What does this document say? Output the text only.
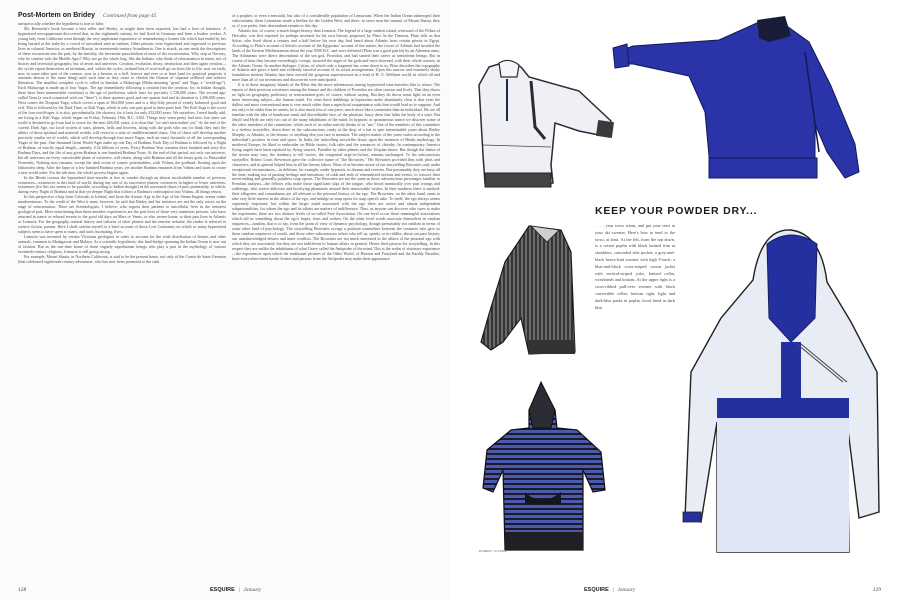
Post-Mortem on Bridey Continued from page 45

unequivocally whether the hypothesis is true or false.

Mr. Bernstein's book became a best seller and Bridey, as might have been expected, has had a host of imitators. A hypnotized newspaperman discovered that, in the eighteenth century, he had lived in Germany and been a leather worker. A young lady from California went through the very unpleasant experience of remembering a former life which had ended by her being burned at the stake by a crowd of unwashed men in turbans. Other persons were hypnotized and regressed to previous lives in colonial America, in medieval Russia, in seventeenth-century Scandinavia. One is struck, as one reads the descriptions of these excursions into the past, by the timidity, the inveterate parochialism of most of the excursionists. Why stop at Norway, why be content with the Middle Ages? Why not go the whole hog, like the Indians, who think of reincarnation in terms, not of history and terrestrial geography, but of aeons and universes. Creation, evolution, decay, destruction and then again creation—the cycles repeat themselves ad infinitum, and, within the cycles, isolated bits of soul-stuff go on from life to life, now on earth, now in some other part of the cosmos, now in a heaven or a hell, forever and ever or at least (and for practical purposes it amounts almost to the same thing) until such time as they cease to cherish the illusion of separate selfhood and achieve liberation. The smallest complete cycle is called in Sanskrit a Mahayuga (Maha meaning "great" and Yuga, a "world-age"). Each Mahayuga is made up of four Yugas. The age immediately following a creation (not the creation, for, in Indian thought, there have been innumerable creations) is the age of perfection, which lasts for precisely 1,728,000 years. The second age, called Treta (a word connected with our "three"), is three quarters good and one quarter bad and its duration is 1,296,000 years. Next comes the Dvapara Yuga, which covers a span of 864,000 years and is a fifty-fifty period of evenly balanced good and evil. This is followed by the Dark Time, or Kali Yuga, which is only one part good to three parts bad. The Kali Yuga is the worst of the four world-ages; it is also, providentially, the shortest, for it lasts for only 432,000 years. We ourselves, I need hardly add, are living in a Kali Yuga, which began on Friday, February 18th, B.C. 3102. Things may seem pretty bad now; but since our world is destined to go from bad to worse for the next 426,941 years, it is clear that "we ain't seen nothin' yet." At the end of the current Dark Age, our local system of stars, planets, hells and heavens, along with the gods who run (or think they run) the affairs of those spiritual and material worlds, will revert to a state of undifferentiated chaos. Out of chaos will develop another precisely similar set of worlds, which will develop through four more Yugas, each an exact facsimile of all the corresponding Yugas of the past. One thousand Great World-Ages make up one Day of Brahma. Each Day of Brahma is followed by a Night of Brahma, of exactly equal length—namely, 4.32 billions of years. Every Brahma Year contains three hundred and sixty-five Brahma Days, and the life of any given Brahma is one hundred Brahma Years. At the end of that period, not only our universe, but all universes on every conceivable plane of existence, will return, along with Brahma and all the lesser gods, to Primordial Nonentity. Nothing now remains, except the dark ocean of cosmic potentialities, with Vishnu, the godhead, floating upon the fathomless deep. After the lapse of a few hundred Brahma years, yet another Brahma emanates from Vishnu and starts to create a new world order. For the nth time, the whole process begins again.

In the Hindu cosmos the hypnotized time-traveler is free to wander through an almost incalculable number of previous existences—existences in this kind of world, during any one of its successive phases, existences in higher or lower universes, existences (for this too seems to be possible, according to Indian thought) in the uncreated chaos of pure potentiality, to which, during every Night of Brahma and in that yet deeper Night that follows a Brahma's reabsorption into Vishnu, all things return.

In this perspective a hop from Colorado to Ireland, and from the Atomic Age to the Age of the Steam Engine, seems rather unadventurous. To the credit of the West it must, however, be said that Bridey and her imitators are not the only actors on the stage of reincarnation. There are Scientologists, I believe, who regress their patients to unicellular lives in the remotest geological past. More entertaining than these amoebic experiences are the past lives of those very numerous persons, who have returned in trance or relaxed reverie to the good old days on Mars or Venus, or else, nearer home, to their past lives in Atlantis or Lemuria. For the geography, natural history and cultures of other planets and the remoter nebulae, the reader is referred to science fiction, passim. Here I shall confine myself to a brief account of those Lost Continents on which so many hypnotized subjects seem to have spent so many, and such fascinating, lives.

Lemuria was invented by certain Victorian geologists in order to account for the wide distribution of lemurs and other animals, common to Madagascar and Malaya. As a scientific hypothesis, this land-bridge spanning the Indian Ocean is now out of fashion. But as the one-time home of those vaguely superhuman beings who play a part in the mythology of various twentieth-century religions, Lemuria is still going strong.

For example, Mount Shasta, in Northern California, is said to be the present home, not only of the Comte de Saint-Germain (that celebrated eighteenth-century adventurer, who has now been promoted to the rank

of a prophet, or even a messiah), but also of a considerable population of Lemurians. When the Indian Ocean submerged their subcontinent, these Lemurians made a beeline for the Golden West, and there, in caves near the summit of Mount Shasta, they or, if you prefer, their descendants remain to this day.

Atlantis has, of course, a much longer history than Lemuria. The legend of a large sunken island, westward of the Pillars of Hercules, was first reported (or perhaps invented for his own literary purposes) by Plato. In the Timaeus, Plato tells us that Solon, who lived about a century and a half before his own day, had heard about Atlantis from certain priests in Egypt. According to Plato's account of Solon's account of the Egyptians' account of the matter, the forces of Atlantis had invaded the lands of the Eastern Mediterranean about the year 9500 B.C. and were defeated (Plato was a good patriot) by an Athenian army. The Atlanteans were direct descendants of the sea god, Poseidon, and had started their career as semidivine beings. But in course of time they became exceedingly corrupt, incurred the anger of the gods and were drowned, with their whole country, in the Atlantic Ocean. In another dialogue, Critias, of which only a fragment has come down to us, Plato describes the topography of Atlantis and gives a brief and evidently fanciful account of its social arrangements. Upon this narrow and extremely shaky foundation modern Atlantis fans have erected the gorgeous superstructure in a kind of H. G. Wellsian world, in which all and more than all of our inventions and discoveries were anticipated.

It is to these imaginary Islands of the Blest that the more adventurous among hypnotized time-travelers like to return. The reports of their previous existences among the lemurs and the children of Poseidon are often curious and lively. That they throw no light on geography, prehistory or reincarnation goes, of course, without saying. But they do throw some light on an even more interesting subject—the human mind. For what these dabblings in hypnotism make abundantly clear is that even the dullest and most conventional man is very much odder than a superficial acquaintance with him would lead us to suppose. And not only is he odder than he seems; he is also much less of one piece, much more like a committee than an individual. We are all familiar with the idea of handsome mask and discreditable face, of the pharisaic fancy dress that hides the body of a satyr. But Jekyll and Hyde are only two out of the many inhabitants of the mind. In hypnotic or spontaneous trance we discover some of the other members of the committee, which each of us rather naively thinks of as "me." One of the members of this committee is a tireless storyteller, down there in the subconscious, ready at the drop of a hat to spin interminable yarns about Bridey Murphy, or Atlantis, or the lemurs, or anything else you care to mention. The subject matter of the yarns varies according to the individual's position in time and space. In India, the indwelling storyteller draws upon the treasures of Hindu mythology. In medieval Europe, he liked to embroider on Bible stories, folk tales and the romances of chivalry. In contemporary America flying angels have been replaced by flying saucers, Paradise by other planets and the Utopian future. But though the theme of the stories may vary, the tendency to tell stories, the congenital urge-to-fiction, remains unchanged. To his subconscious storyteller, Robert Louis Stevenson gave the collective name of "the Brownies." His Brownies provided him with plots and characters, and in general helped him in all his literary labors. Most of us become aware of our storytelling Brownies only under exceptional circumstances—in delirium, for example, under hypnosis, in dreams and reveries. But presumably they are busy all the time, making use of passing feelings and sensations, of odds and ends of remembered notions and events, to concoct their never-ending and generally pointless soap operas. The Brownies are not the same as those subconscious personages familiar to Freudian analysts—the fellows who make those significant slips of the tongue, who brood maniacally over past wrongs and sufferings, who weave delicious and horrifying phantasies around their unavowable wishes. In their madness there is method: their allegories and conundrums are all relevant to the personal history of the ego. The Brownies, on the other hand, seem to take very little interest in the affairs of the ego, and indulge in soap opera for soap opera's sake. To itself, the ego always seems supremely important; but within the larger mind associated with the ego there are active and almost independent subpersonalities, for whom the ego and its affairs are matters of indifference. Thus, as anyone can discover who cares to make the experiment, there are two distinct levels of so-called Free Association. On one level occur those meaningful associations which tell us something about the ego's hopes, fears and wishes. On the other level words associate themselves in random sequences—random, that is to say, from the point of view of dynamic psychology, though presumably not random in terms of some other kind of psychology. The storytelling Brownies occupy a position somewhere between the creatures who give us these random sequences of words, and those other subconscious selves who tell us, openly or in riddles, about our past history, our unacknowledged desires and inner conflicts. The Brownies are not much interested in the affairs of the personal ego with which they are associated; but they are not indifferent to human affairs in general. Hence their passion for storytelling. In this respect they are unlike the inhabitants of what I have called the Antipodes of the mind. This is the realm of visionary experience—the experiences upon which the traditional pictures of the Other World, of Heaven and Fairyland and the Earthly Paradise, have everywhere been based. Scenes and persons from the Antipodes may make their appearance

128	ESQUIRE | January
KEEP YOUR POWDER DRY...
. . . . your torso warm, and put your trust in your ski sweater. Here's how to tend to the torso, at least. At the left, from the top down, is a cotton poplin with black knitted trim at shoulders, concealed side pocket; a grey-and-black heavy-knit sweater with high V-neck; a blue-and-black cross-striped cotton jacket with vertical-striped yoke, knitted collar, wristbands and bottom. At the upper right is a cross-ribbed pull-over sweater with black convertible collar; bottom right, light and dark-blue parka in poplin, hood lined in dark blue
ROBERT VIANNE
ESQUIRE | January	129
